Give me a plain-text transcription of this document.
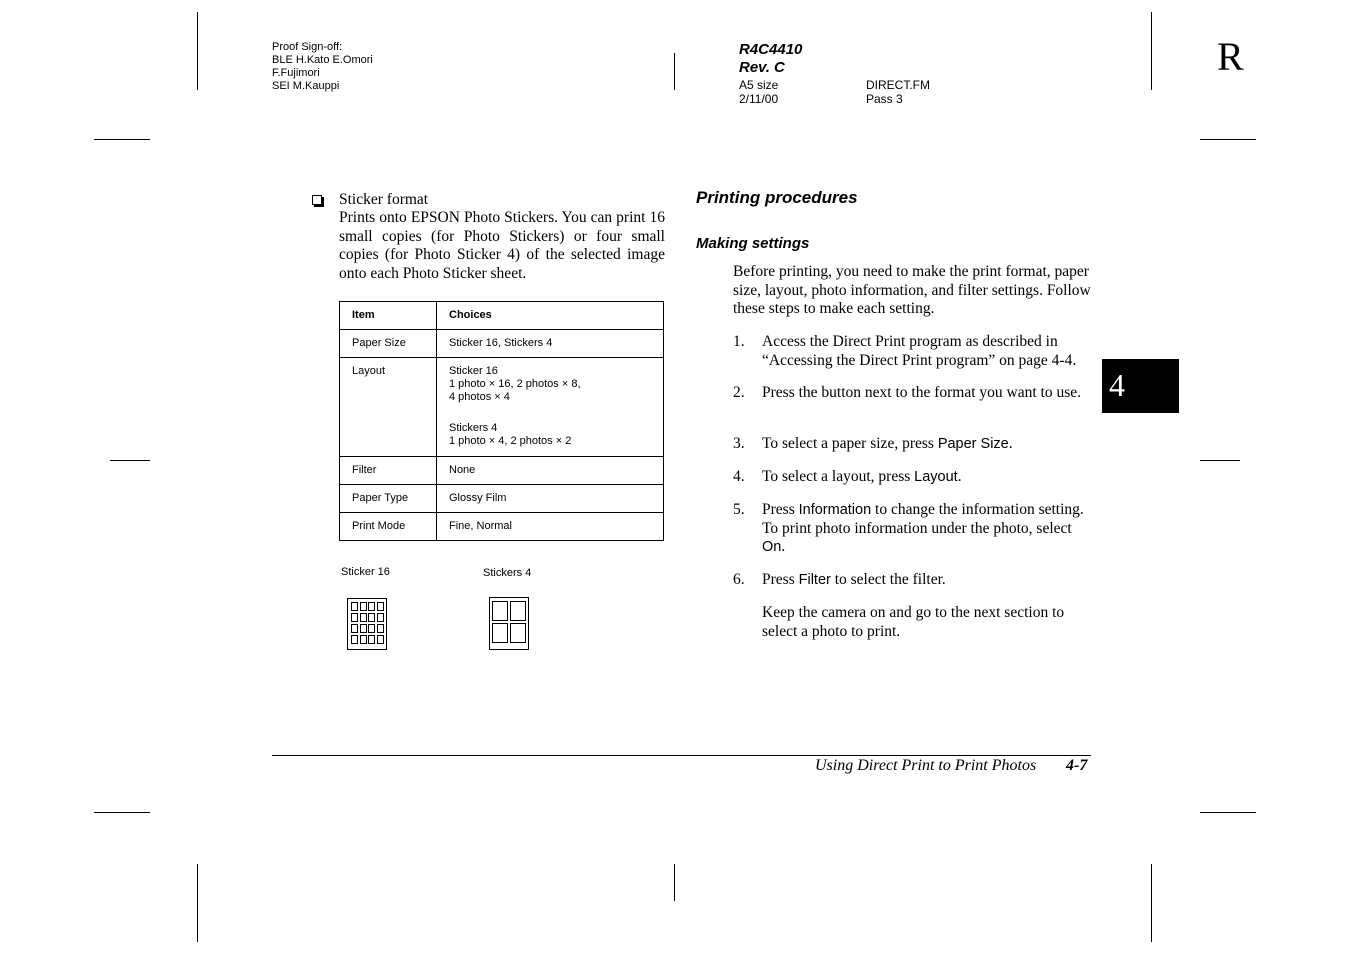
Proof Sign-off:
BLE H.Kato E.Omori
F.Fujimori
SEI M.Kauppi
R4C4410
Rev. C
A5 size
2/11/00
DIRECT.FM
Pass 3
R
Sticker format
Prints onto EPSON Photo Stickers. You can print 16 small copies (for Photo Stickers) or four small copies (for Photo Sticker 4) of the selected image onto each Photo Sticker sheet.
Item	Choices
Paper Size	Sticker 16, Stickers 4
Layout	Sticker 16
1 photo × 16, 2 photos × 8,
4 photos × 4
Stickers 4
1 photo × 4, 2 photos × 2

Filter	None
Paper Type	Glossy Film
Print Mode	Fine, Normal
Sticker 16	Stickers 4
Printing procedures
Making settings
Before printing, you need to make the print format, paper size, layout, photo information, and filter settings. Follow these steps to make each setting.
1. Access the Direct Print program as described in “Accessing the Direct Print program” on page 4-4.
2. Press the button next to the format you want to use.
3. To select a paper size, press Paper Size.
4. To select a layout, press Layout.
5. Press Information to change the information setting. To print photo information under the photo, select On.
6. Press Filter to select the filter.
Keep the camera on and go to the next section to select a photo to print.
4
Using Direct Print to Print Photos 4-7
